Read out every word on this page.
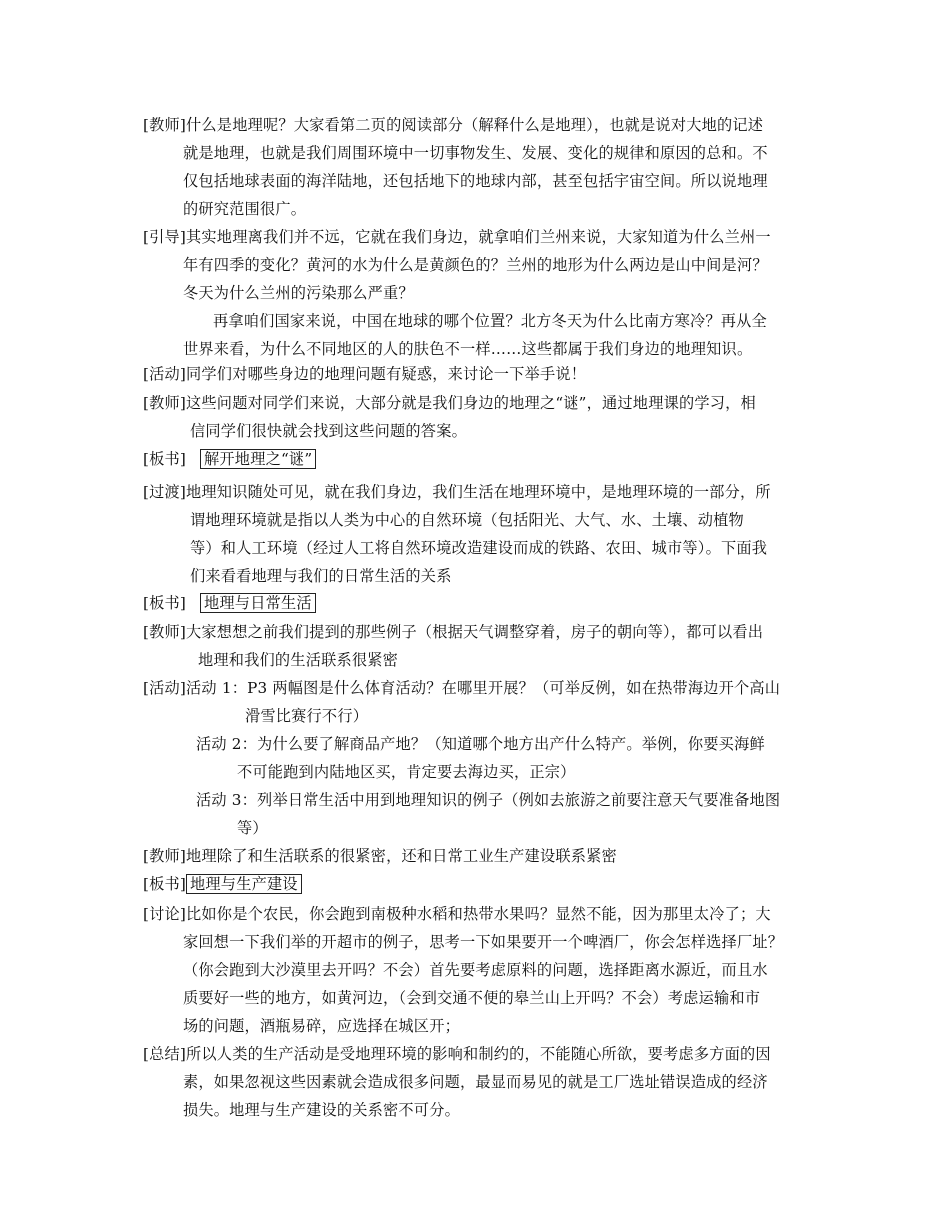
[教师]什么是地理呢？大家看第二页的阅读部分（解释什么是地理），也就是说对大地的记述
就是地理，也就是我们周围环境中一切事物发生、发展、变化的规律和原因的总和。不
仅包括地球表面的海洋陆地，还包括地下的地球内部，甚至包括宇宙空间。所以说地理
的研究范围很广。
[引导]其实地理离我们并不远，它就在我们身边，就拿咱们兰州来说，大家知道为什么兰州一
年有四季的变化？黄河的水为什么是黄颜色的？兰州的地形为什么两边是山中间是河？
冬天为什么兰州的污染那么严重？
再拿咱们国家来说，中国在地球的哪个位置？北方冬天为什么比南方寒冷？再从全
世界来看，为什么不同地区的人的肤色不一样……这些都属于我们身边的地理知识。
[活动]同学们对哪些身边的地理问题有疑惑，来讨论一下举手说！
[教师]这些问题对同学们来说，大部分就是我们身边的地理之“谜”，通过地理课的学习，相
信同学们很快就会找到这些问题的答案。
[板书] 解开地理之“谜”
[过渡]地理知识随处可见，就在我们身边，我们生活在地理环境中，是地理环境的一部分，所
谓地理环境就是指以人类为中心的自然环境（包括阳光、大气、水、土壤、动植物
等）和人工环境（经过人工将自然环境改造建设而成的铁路、农田、城市等）。下面我
们来看看地理与我们的日常生活的关系
[板书] 地理与日常生活
[教师]大家想想之前我们提到的那些例子（根据天气调整穿着，房子的朝向等），都可以看出
地理和我们的生活联系很紧密
[活动]活动 1：P3 两幅图是什么体育活动？在哪里开展？（可举反例，如在热带海边开个高山
滑雪比赛行不行）
活动 2：为什么要了解商品产地？（知道哪个地方出产什么特产。举例，你要买海鲜
不可能跑到内陆地区买，肯定要去海边买，正宗）
活动 3：列举日常生活中用到地理知识的例子（例如去旅游之前要注意天气要准备地图
等）
[教师]地理除了和生活联系的很紧密，还和日常工业生产建设联系紧密
[板书] 地理与生产建设
[讨论]比如你是个农民，你会跑到南极种水稻和热带水果吗？显然不能，因为那里太冷了；大
家回想一下我们举的开超市的例子，思考一下如果要开一个啤酒厂，你会怎样选择厂址？
（你会跑到大沙漠里去开吗？不会）首先要考虑原料的问题，选择距离水源近，而且水
质要好一些的地方，如黄河边，（会到交通不便的皋兰山上开吗？不会）考虑运输和市
场的问题，酒瓶易碎，应选择在城区开；
[总结]所以人类的生产活动是受地理环境的影响和制约的，不能随心所欲，要考虑多方面的因
素，如果忽视这些因素就会造成很多问题，最显而易见的就是工厂选址错误造成的经济
损失。地理与生产建设的关系密不可分。
